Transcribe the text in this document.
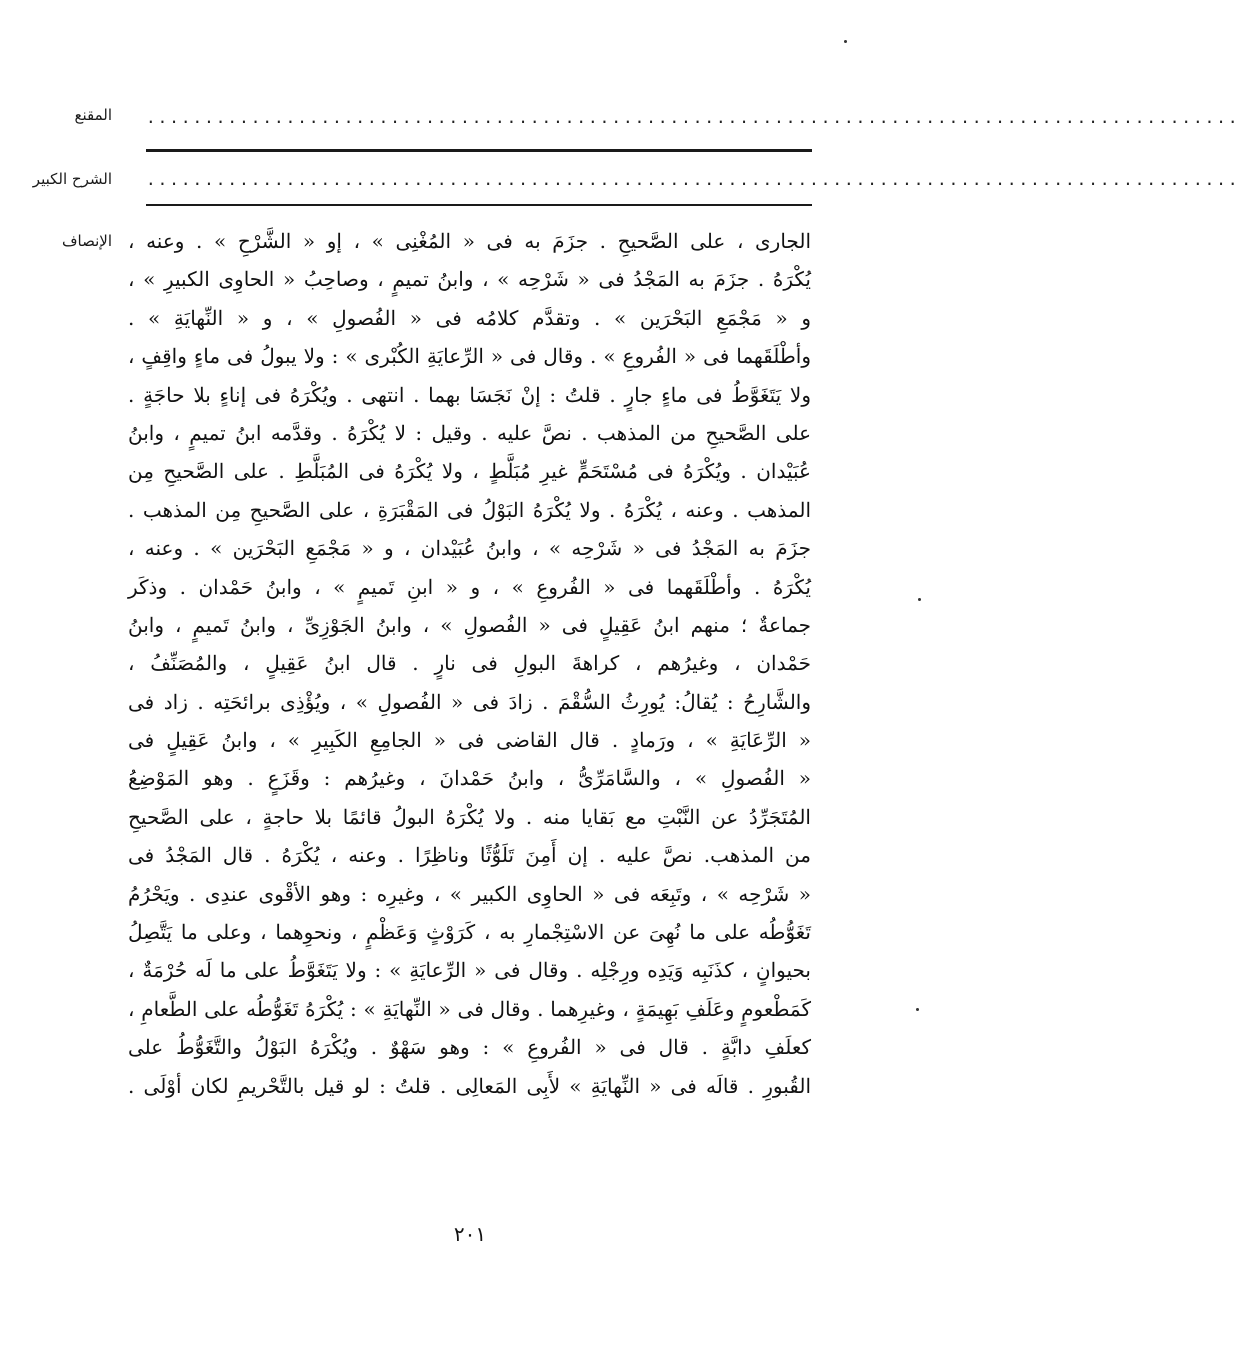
المقنع
الشرح الكبير
الإنصاف
..............................................................................................
..............................................................................................
الجارى ، على الصَّحيحِ . جزَمَ به فى « المُغْنِى » ، إو « الشَّرْحِ » . وعنه ،
يُكْرَهُ . جزَمَ به المَجْدُ فى « شَرْحِه » ، وابنُ تميمٍ ، وصاحِبُ « الحاوِى الكبيرِ » ،
و « مَجْمَعِ البَحْرَين » . وتقدَّم كلامُه فى « الفُصولِ » ، و « النِّهايَةِ » .
وأطْلَقَهما فى « الفُروعِ » . وقال فى « الرِّعايَةِ الكُبْرى » : ولا يبولُ فى ماءٍ واقِفٍ ،
ولا يَتَغَوَّطُ فى ماءٍ جارٍ . قلتُ : إنْ نَجَسَا بهما . انتهى . ويُكْرَهُ فى إناءٍ بلا حاجَةٍ .
على الصَّحيحِ من المذهب . نصَّ عليه . وقيل : لا يُكْرَهُ . وقدَّمه ابنُ تميمٍ ، وابنُ
عُبَيْدان . ويُكْرَهُ فى مُسْتَحَمٍّ غيرِ مُبَلَّطٍ ، ولا يُكْرَهُ فى المُبَلَّطِ . على الصَّحيحِ مِن
المذهب . وعنه ، يُكْرَهُ . ولا يُكْرَهُ البَوْلُ فى المَقْبَرَةِ ، على الصَّحيحِ مِن المذهب .
جزَمَ به المَجْدُ فى « شَرْحِه » ، وابنُ عُبَيْدان ، و « مَجْمَعِ البَحْرَين » . وعنه ،
يُكْرَهُ . وأطْلَقَهما فى « الفُروعِ » ، و « ابنِ تَميمٍ » ، وابنُ حَمْدان . وذكَر
جماعةٌ ؛ منهم ابنُ عَقِيلٍ فى « الفُصولِ » ، وابنُ الجَوْزِىِّ ، وابنُ تَميمٍ ، وابنُ
حَمْدان ، وغيرُهم ، كراهةَ البولِ فى نارٍ . قال ابنُ عَقِيلٍ ، والمُصَنِّفُ ،
والشَّارِحُ : يُقالُ: يُورِثُ السُّقْمَ . زادَ فى « الفُصولِ » ، ويُؤْذِى برائحَتِه . زاد فى
« الرِّعَايَةِ » ، ورَمادٍ . قال القاضى فى « الجامِعِ الكَبِيرِ » ، وابنُ عَقِيلٍ فى
« الفُصولِ » ، والسَّامَرِّىُّ ، وابنُ حَمْدانَ ، وغيرُهم : وقَزَعٍ . وهو المَوْضِعُ
المُتَجَرِّدُ عن النَّبْتِ مع بَقايا منه . ولا يُكْرَهُ البولُ قائمًا بلا حاجةٍ ، على الصَّحيحِ
من المذهب. نصَّ عليه . إن أَمِنَ تَلَوُّثًا وناظِرًا . وعنه ، يُكْرَهُ . قال المَجْدُ فى
« شَرْحِه » ، وتَبِعَه فى « الحاوِى الكبير » ، وغيرِه : وهو الأقْوى عندِى . ويَحْرُمُ
تَغَوُّطُه على ما نُهِىَ عن الاسْتِجْمارِ به ، كَرَوْثٍ وَعَظْمٍ ، ونحوِهما ، وعلى ما يَتَّصِلُ
بحيوانٍ ، كذَنَبِه وَيَدِه ورِجْلِه . وقال فى « الرِّعايَةِ » : ولا يَتَغَوَّطُ على ما لَه حُرْمَةٌ ،
كَمَطْعومٍ وعَلَفِ بَهِيمَةٍ ، وغيرِهما . وقال فى « النِّهايَةِ » : يُكْرَهُ تَغَوُّطُه على الطَّعامِ ،
كعلَفِ دابَّةٍ . قال فى « الفُروعِ » : وهو سَهْوٌ . ويُكْرَهُ البَوْلُ والتَّغَوُّطُ على
القُبورِ . قالَه فى « النِّهايَةِ » لأَبِى المَعالِى . قلتُ : لو قيل بالتَّحْريمِ لكان أوْلَى .
٢٠١
